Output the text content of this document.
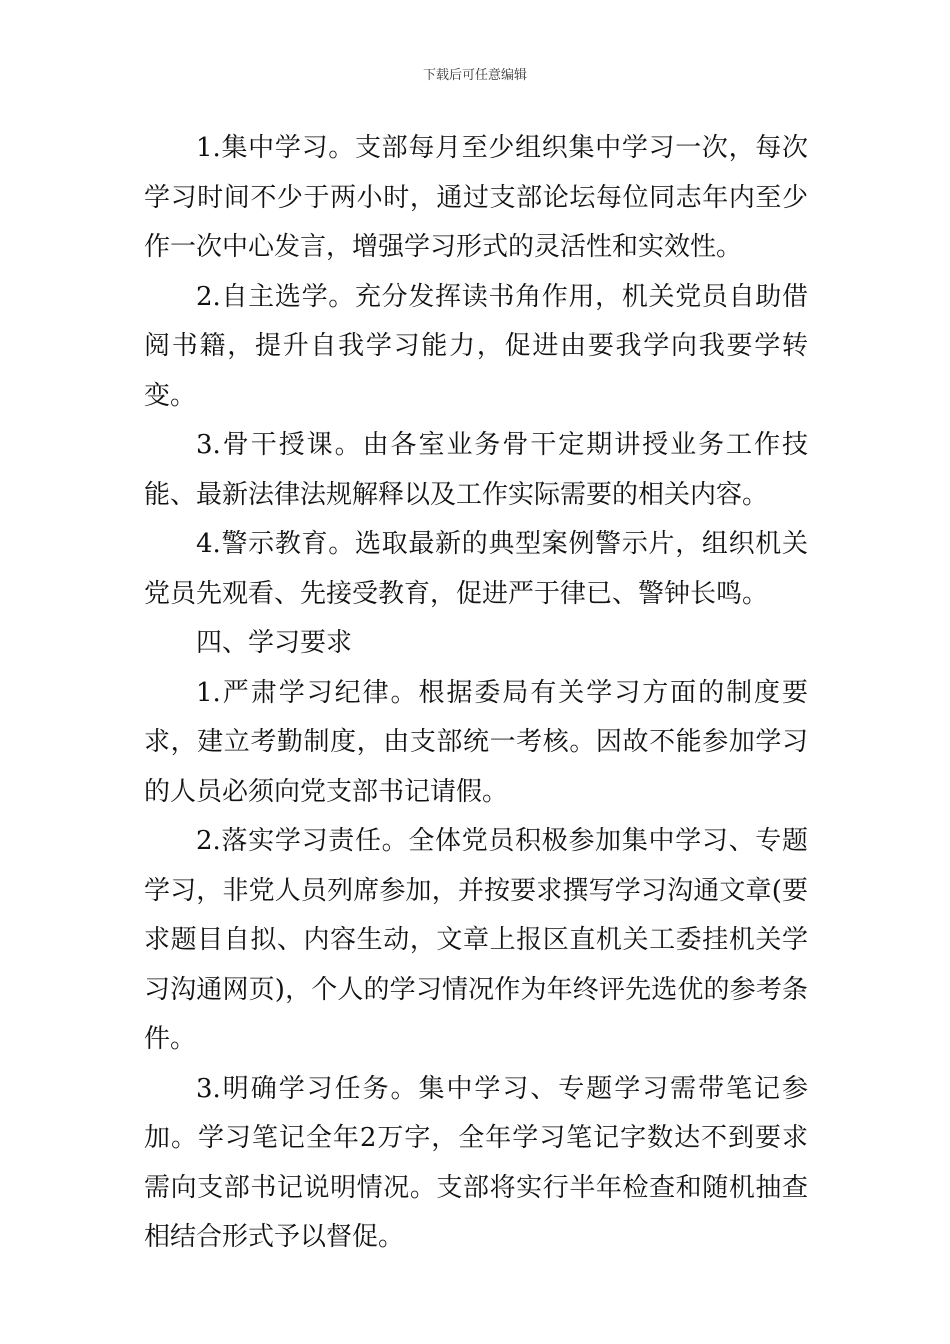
下载后可任意编辑

1.集中学习。支部每月至少组织集中学习一次，每次学习时间不少于两小时，通过支部论坛每位同志年内至少作一次中心发言，增强学习形式的灵活性和实效性。

2.自主选学。充分发挥读书角作用，机关党员自助借阅书籍，提升自我学习能力，促进由要我学向我要学转变。

3.骨干授课。由各室业务骨干定期讲授业务工作技能、最新法律法规解释以及工作实际需要的相关内容。

4.警示教育。选取最新的典型案例警示片，组织机关党员先观看、先接受教育，促进严于律已、警钟长鸣。

四、学习要求

1.严肃学习纪律。根据委局有关学习方面的制度要求，建立考勤制度，由支部统一考核。因故不能参加学习的人员必须向党支部书记请假。

2.落实学习责任。全体党员积极参加集中学习、专题学习，非党人员列席参加，并按要求撰写学习沟通文章(要求题目自拟、内容生动，文章上报区直机关工委挂机关学习沟通网页)，个人的学习情况作为年终评先选优的参考条件。

3.明确学习任务。集中学习、专题学习需带笔记参加。学习笔记全年2万字，全年学习笔记字数达不到要求需向支部书记说明情况。支部将实行半年检查和随机抽查相结合形式予以督促。
